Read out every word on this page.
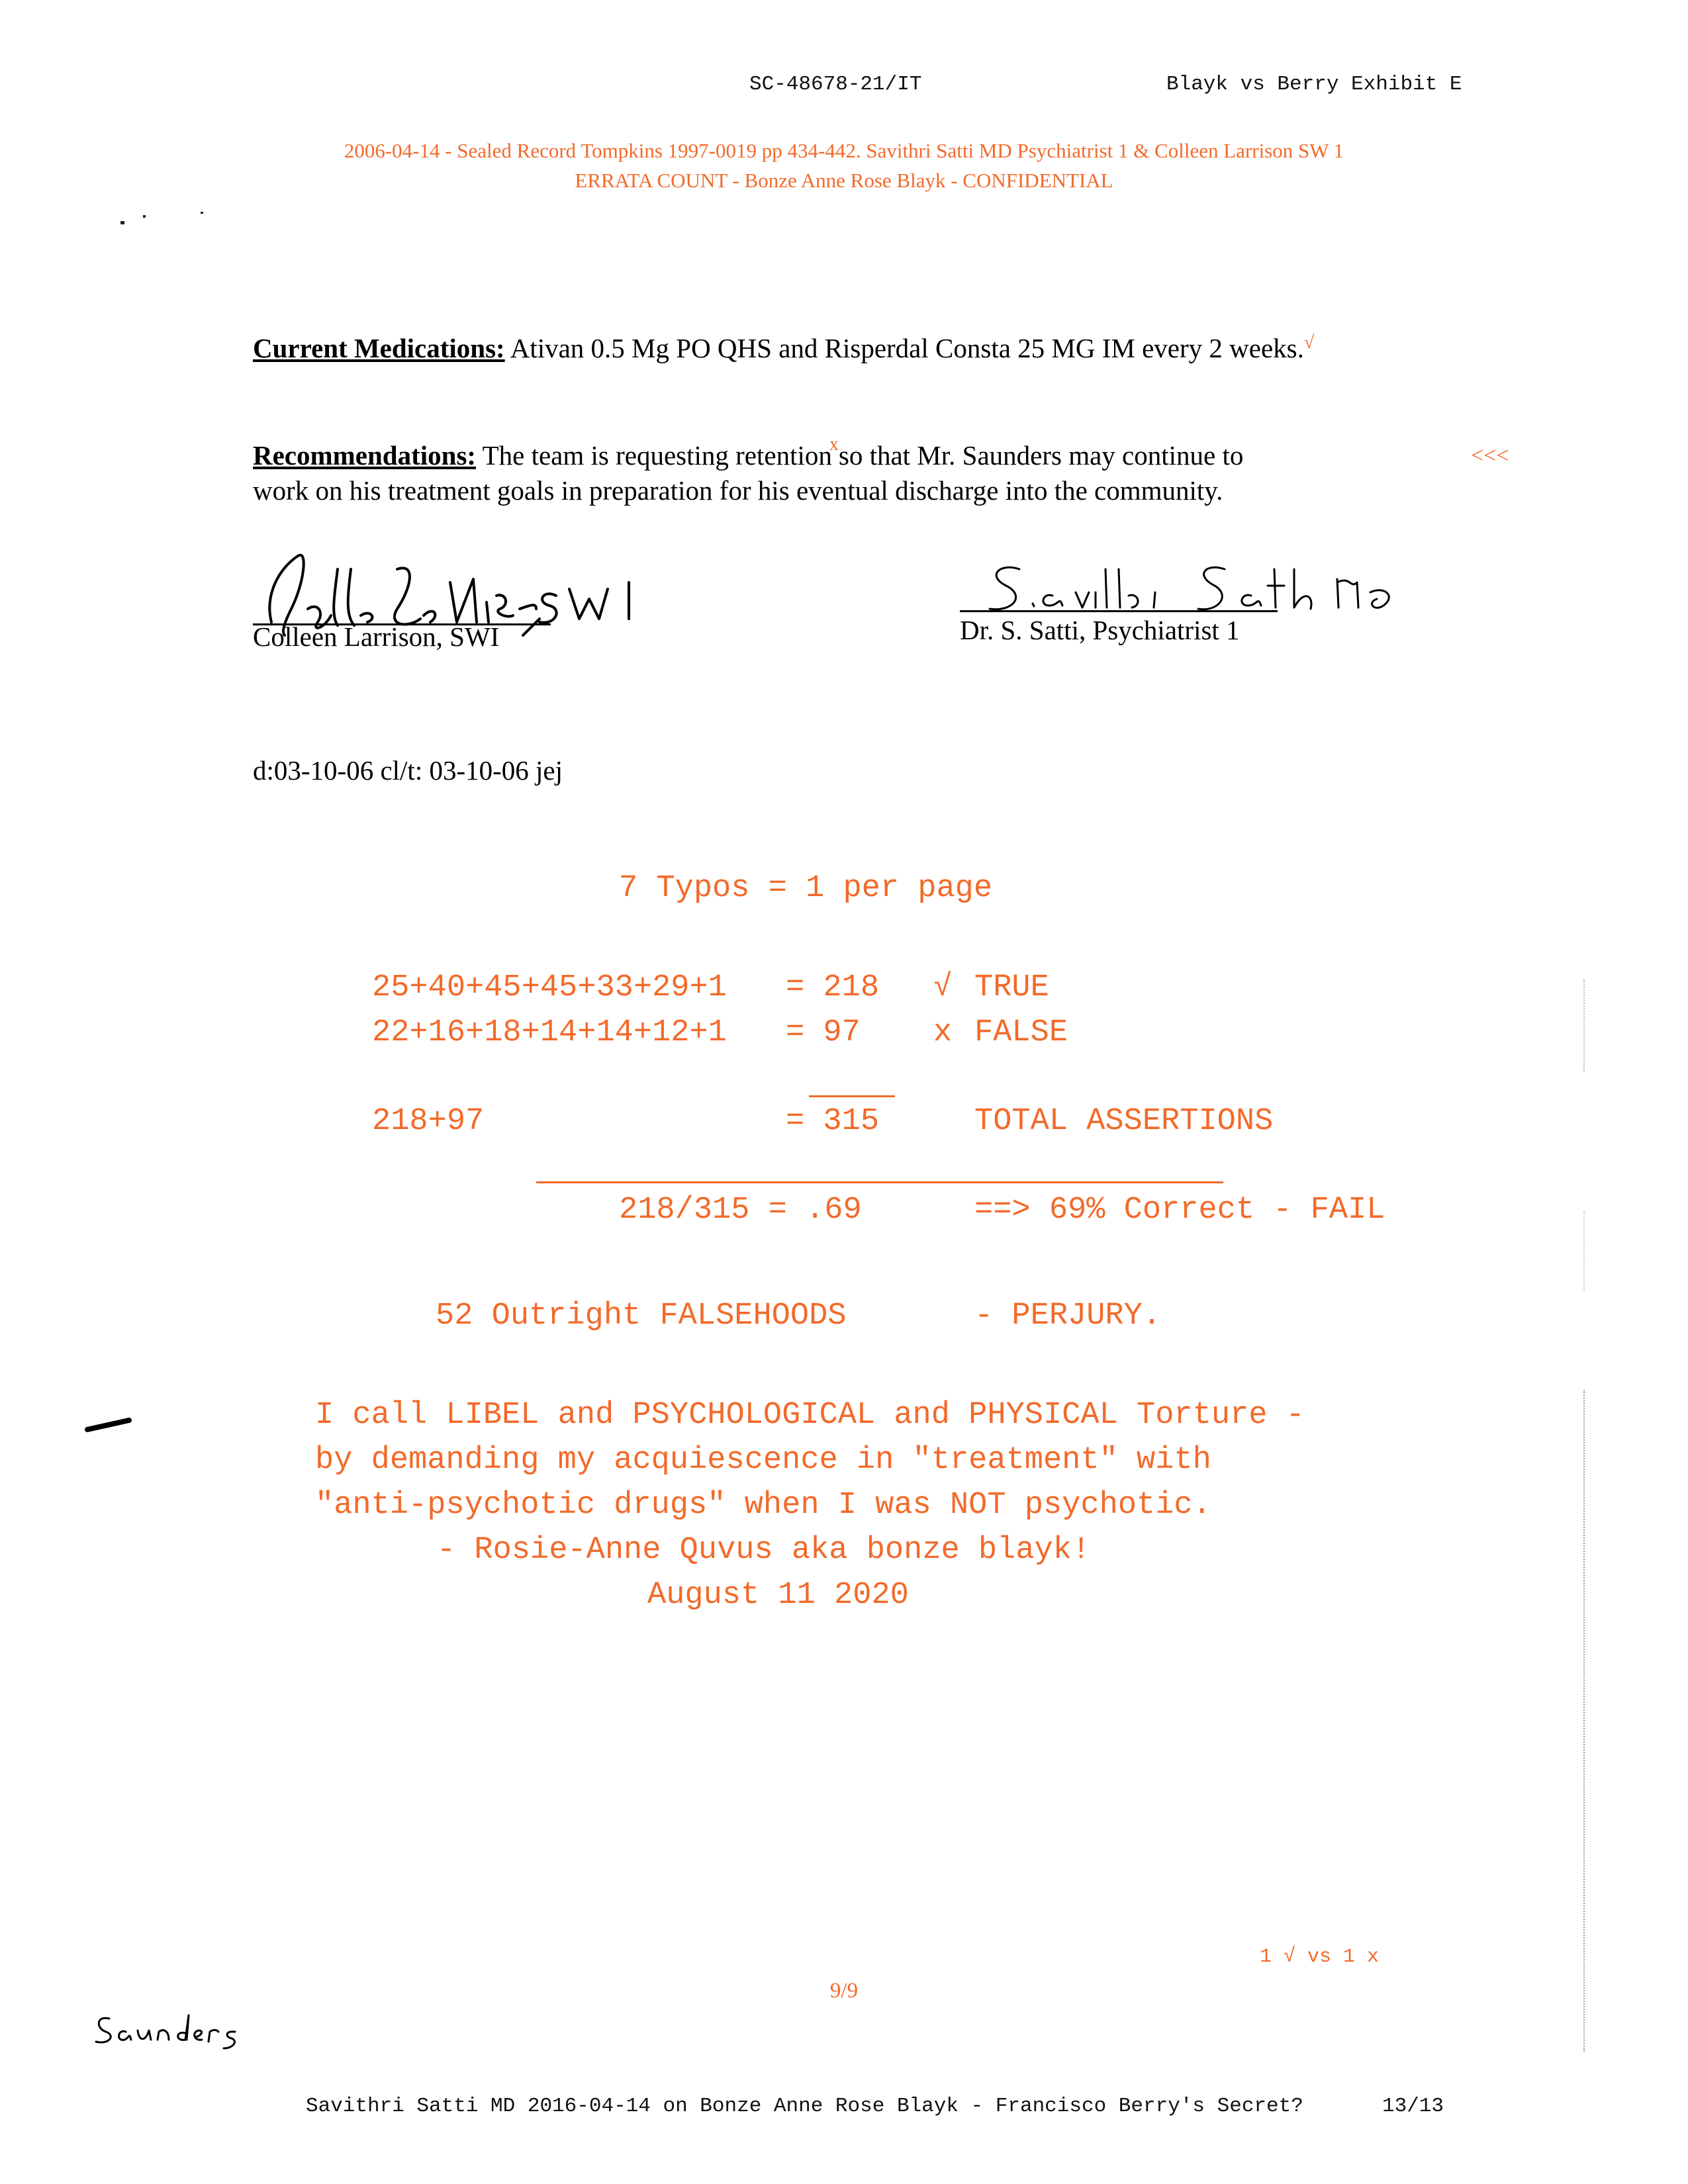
SC-48678-21/IT	Blayk vs Berry Exhibit E
2006-04-14 - Sealed Record Tompkins 1997-0019 pp 434-442. Savithri Satti MD Psychiatrist 1 & Colleen Larrison SW 1
ERRATA COUNT - Bonze Anne Rose Blayk - CONFIDENTIAL
Current Medications: Ativan 0.5 Mg PO QHS and Risperdal Consta 25 MG IM every 2 weeks.√
Recommendations: The team is requesting retention$^x$so that Mr. Saunders may continue to	<<<
work on his treatment goals in preparation for his eventual discharge into the community.
Colleen Larrison, SWI	Dr. S. Satti, Psychiatrist 1
d:03-10-06 cl/t: 03-10-06 jej
7 Typos = 1 per page
25+40+45+45+33+29+1 = 218 √ TRUE
22+16+18+14+14+12+1 = 97 x FALSE
218+97	= 315	TOTAL ASSERTIONS
218/315 = .69	==> 69% Correct - FAIL
52 Outright FALSEHOODS	- PERJURY.
I call LIBEL and PSYCHOLOGICAL and PHYSICAL Torture -
by demanding my acquiescence in "treatment" with
"anti-psychotic drugs" when I was NOT psychotic.
- Rosie-Anne Quvus aka bonze blayk!
August 11 2020
1 √ vs 1 x
9/9
Savithri Satti MD 2016-04-14 on Bonze Anne Rose Blayk - Francisco Berry's Secret?	13/13
